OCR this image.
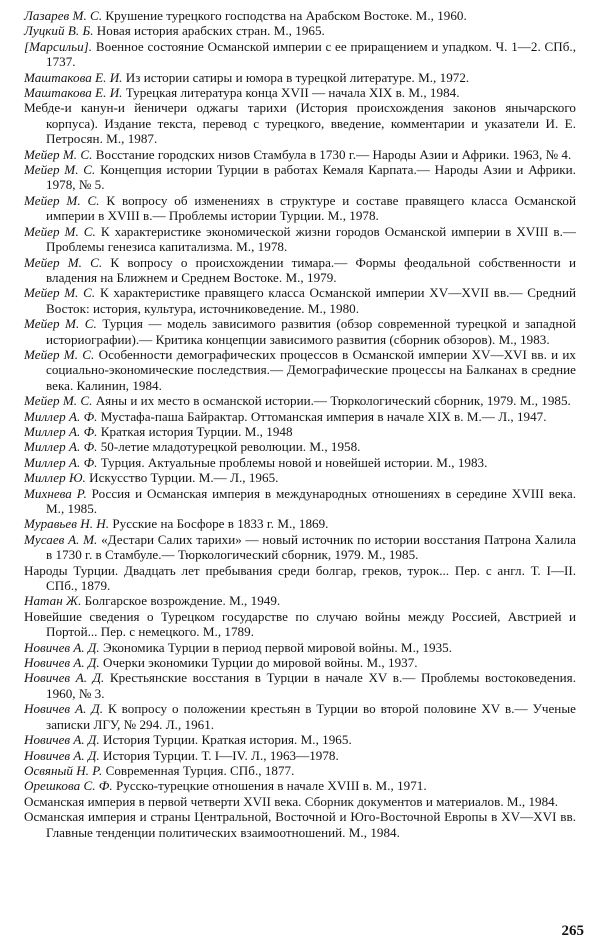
Лазарев М. С. Крушение турецкого господства на Арабском Востоке. М., 1960.

Луцкий В. Б. Новая история арабских стран. М., 1965.

[Марсильи]. Военное состояние Османской империи с ее приращением и упадком. Ч. 1—2. СПб., 1737.

Маштакова Е. И. Из истории сатиры и юмора в турецкой литературе. М., 1972.

Маштакова Е. И. Турецкая литература конца XVII — начала XIX в. М., 1984.

Мебде-и канун-и йеничери оджагы тарихи (История происхождения законов янычарского корпуса). Издание текста, перевод с турецкого, введение, комментарии и указатели И. Е. Петросян. М., 1987.

Мейер М. С. Восстание городских низов Стамбула в 1730 г.— Народы Азии и Африки. 1963, № 4.

Мейер М. С. Концепция истории Турции в работах Кемаля Карпата.— Народы Азии и Африки. 1978, № 5.

Мейер М. С. К вопросу об изменениях в структуре и составе правящего класса Османской империи в XVIII в.— Проблемы истории Турции. М., 1978.

Мейер М. С. К характеристике экономической жизни городов Османской империи в XVIII в.— Проблемы генезиса капитализма. М., 1978.

Мейер М. С. К вопросу о происхождении тимара.— Формы феодальной собственности и владения на Ближнем и Среднем Востоке. М., 1979.

Мейер М. С. К характеристике правящего класса Османской империи XV—XVII вв.— Средний Восток: история, культура, источниковедение. М., 1980.

Мейер М. С. Турция — модель зависимого развития (обзор современной турецкой и западной историографии).— Критика концепции зависимого развития (сборник обзоров). М., 1983.

Мейер М. С. Особенности демографических процессов в Османской империи XV—XVI вв. и их социально-экономические последствия.— Демографические процессы на Балканах в средние века. Калинин, 1984.

Мейер М. С. Аяны и их место в османской истории.— Тюркологический сборник, 1979. М., 1985.

Миллер А. Ф. Мустафа-паша Байрактар. Оттоманская империя в начале XIX в. М.— Л., 1947.

Миллер А. Ф. Краткая история Турции. М., 1948

Миллер А. Ф. 50-летие младотурецкой революции. М., 1958.

Миллер А. Ф. Турция. Актуальные проблемы новой и новейшей истории. М., 1983.

Миллер Ю. Искусство Турции. М.— Л., 1965.

Михнева Р. Россия и Османская империя в международных отношениях в середине XVIII века. М., 1985.

Муравьев Н. Н. Русские на Босфоре в 1833 г. М., 1869.

Мусаев А. М. «Дестари Салих тарихи» — новый источник по истории восстания Патрона Халила в 1730 г. в Стамбуле.— Тюркологический сборник, 1979. М., 1985.

Народы Турции. Двадцать лет пребывания среди болгар, греков, турок... Пер. с англ. Т. I—II. СПб., 1879.

Натан Ж. Болгарское возрождение. М., 1949.

Новейшие сведения о Турецком государстве по случаю войны между Россией, Австрией и Портой... Пер. с немецкого. М., 1789.

Новичев А. Д. Экономика Турции в период первой мировой войны. М., 1935.

Новичев А. Д. Очерки экономики Турции до мировой войны. М., 1937.

Новичев А. Д. Крестьянские восстания в Турции в начале XV в.— Проблемы востоковедения. 1960, № 3.

Новичев А. Д. К вопросу о положении крестьян в Турции во второй половине XV в.— Ученые записки ЛГУ, № 294. Л., 1961.

Новичев А. Д. История Турции. Краткая история. М., 1965.

Новичев А. Д. История Турции. Т. I—IV. Л., 1963—1978.

Освяный Н. Р. Современная Турция. СПб., 1877.

Орешкова С. Ф. Русско-турецкие отношения в начале XVIII в. М., 1971.

Османская империя в первой четверти XVII века. Сборник документов и материалов. М., 1984.

Османская империя и страны Центральной, Восточной и Юго-Восточной Европы в XV—XVI вв. Главные тенденции политических взаимоотношений. М., 1984.

265
